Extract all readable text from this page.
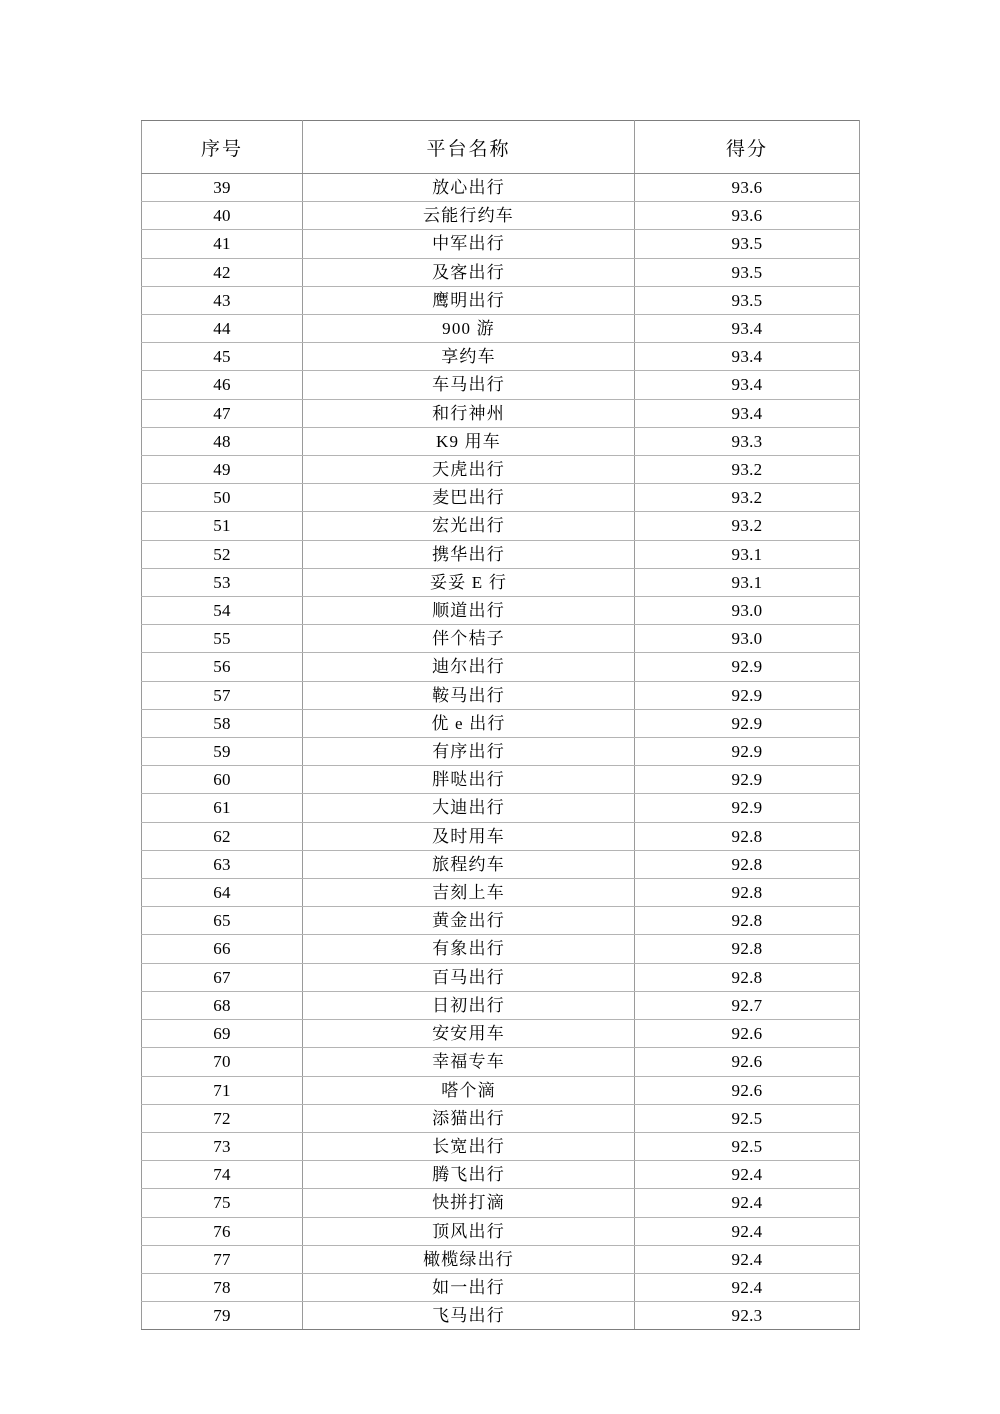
序号	平台名称	得分
39	放心出行	93.6
40	云能行约车	93.6
41	中军出行	93.5
42	及客出行	93.5
43	鹰明出行	93.5
44	900 游	93.4
45	享约车	93.4
46	车马出行	93.4
47	和行神州	93.4
48	K9 用车	93.3
49	天虎出行	93.2
50	麦巴出行	93.2
51	宏光出行	93.2
52	携华出行	93.1
53	妥妥 E 行	93.1
54	顺道出行	93.0
55	伴个桔子	93.0
56	迪尔出行	92.9
57	鞍马出行	92.9
58	优 e 出行	92.9
59	有序出行	92.9
60	胖哒出行	92.9
61	大迪出行	92.9
62	及时用车	92.8
63	旅程约车	92.8
64	吉刻上车	92.8
65	黄金出行	92.8
66	有象出行	92.8
67	百马出行	92.8
68	日初出行	92.7
69	安安用车	92.6
70	幸福专车	92.6
71	嗒个滴	92.6
72	添猫出行	92.5
73	长宽出行	92.5
74	腾飞出行	92.4
75	快拼打滴	92.4
76	顶风出行	92.4
77	橄榄绿出行	92.4
78	如一出行	92.4
79	飞马出行	92.3
